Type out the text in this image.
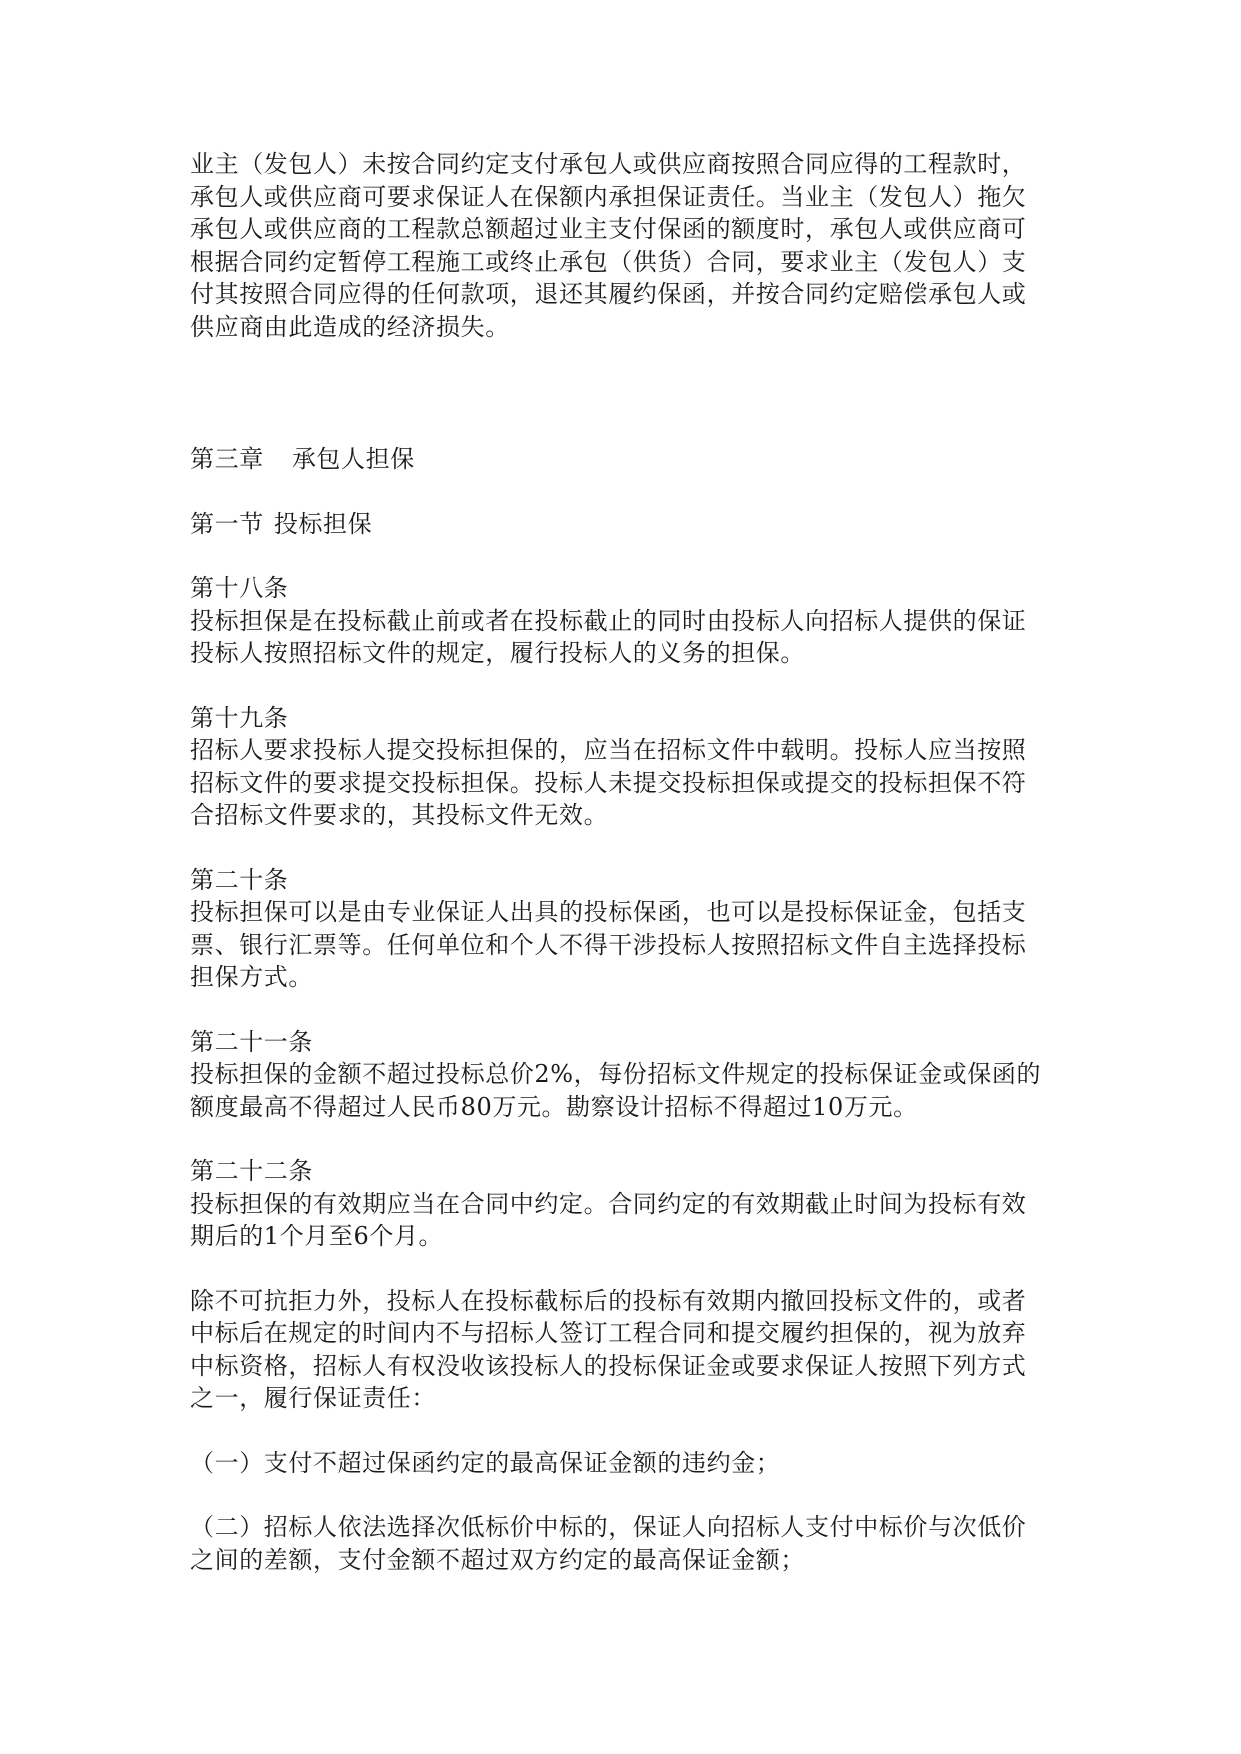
业主（发包人）未按合同约定支付承包人或供应商按照合同应得的工程款时，承包人或供应商可要求保证人在保额内承担保证责任。当业主（发包人）拖欠承包人或供应商的工程款总额超过业主支付保函的额度时，承包人或供应商可根据合同约定暂停工程施工或终止承包（供货）合同，要求业主（发包人）支付其按照合同应得的任何款项，退还其履约保函，并按合同约定赔偿承包人或供应商由此造成的经济损失。

第三章 承包人担保

第一节 投标担保

第十八条

投标担保是在投标截止前或者在投标截止的同时由投标人向招标人提供的保证投标人按照招标文件的规定，履行投标人的义务的担保。

第十九条

招标人要求投标人提交投标担保的，应当在招标文件中载明。投标人应当按照招标文件的要求提交投标担保。投标人未提交投标担保或提交的投标担保不符合招标文件要求的，其投标文件无效。

第二十条

投标担保可以是由专业保证人出具的投标保函，也可以是投标保证金，包括支票、银行汇票等。任何单位和个人不得干涉投标人按照招标文件自主选择投标担保方式。

第二十一条

投标担保的金额不超过投标总价2%，每份招标文件规定的投标保证金或保函的额度最高不得超过人民币80万元。勘察设计招标不得超过10万元。

第二十二条

投标担保的有效期应当在合同中约定。合同约定的有效期截止时间为投标有效期后的1个月至6个月。

除不可抗拒力外，投标人在投标截标后的投标有效期内撤回投标文件的，或者中标后在规定的时间内不与招标人签订工程合同和提交履约担保的，视为放弃中标资格，招标人有权没收该投标人的投标保证金或要求保证人按照下列方式之一，履行保证责任：

（一）支付不超过保函约定的最高保证金额的违约金；

（二）招标人依法选择次低标价中标的，保证人向招标人支付中标价与次低价之间的差额，支付金额不超过双方约定的最高保证金额；
